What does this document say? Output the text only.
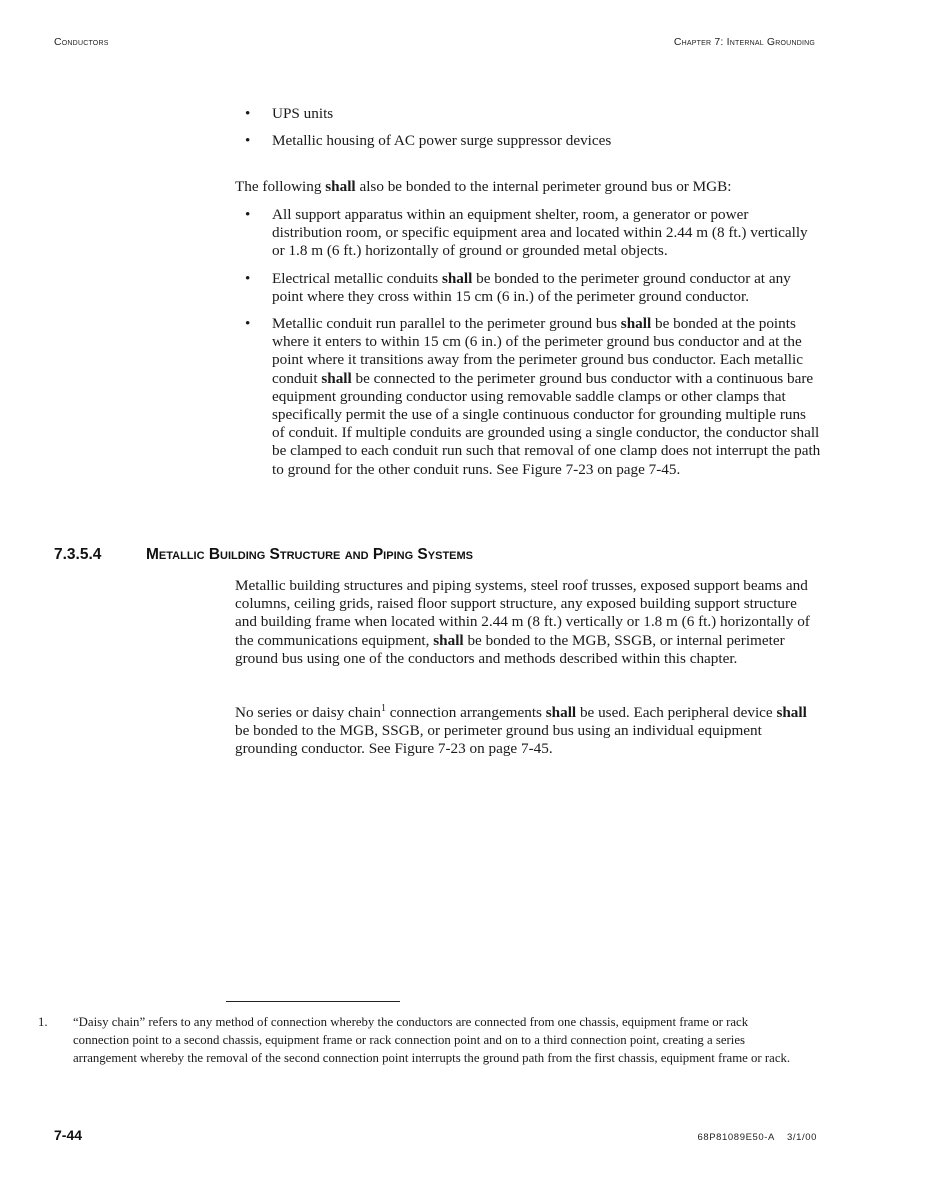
Conductors	Chapter 7: Internal Grounding
• UPS units
• Metallic housing of AC power surge suppressor devices

The following shall also be bonded to the internal perimeter ground bus or MGB:

• All support apparatus within an equipment shelter, room, a generator or power distribution room, or specific equipment area and located within 2.44 m (8 ft.) vertically or 1.8 m (6 ft.) horizontally of ground or grounded metal objects.
• Electrical metallic conduits shall be bonded to the perimeter ground conductor at any point where they cross within 15 cm (6 in.) of the perimeter ground conductor.
• Metallic conduit run parallel to the perimeter ground bus shall be bonded at the points where it enters to within 15 cm (6 in.) of the perimeter ground bus conductor and at the point where it transitions away from the perimeter ground bus conductor. Each metallic conduit shall be connected to the perimeter ground bus conductor with a continuous bare equipment grounding conductor using removable saddle clamps or other clamps that specifically permit the use of a single continuous conductor for grounding multiple runs of conduit. If multiple conduits are grounded using a single conductor, the conductor shall be clamped to each conduit run such that removal of one clamp does not interrupt the path to ground for the other conduit runs. See Figure 7-23 on page 7-45.
7.3.5.4	Metallic Building Structure and Piping Systems

Metallic building structures and piping systems, steel roof trusses, exposed support beams and columns, ceiling grids, raised floor support structure, any exposed building support structure and building frame when located within 2.44 m (8 ft.) vertically or 1.8 m (6 ft.) horizontally of the communications equipment, shall be bonded to the MGB, SSGB, or internal perimeter ground bus using one of the conductors and methods described within this chapter.

No series or daisy chain$^1$ connection arrangements shall be used. Each peripheral device shall be bonded to the MGB, SSGB, or perimeter ground bus using an individual equipment grounding conductor. See Figure 7-23 on page 7-45.

1. “Daisy chain” refers to any method of connection whereby the conductors are connected from one chassis, equipment frame or rack connection point to a second chassis, equipment frame or rack connection point and on to a third connection point, creating a series arrangement whereby the removal of the second connection point interrupts the ground path from the first chassis, equipment frame or rack.
7-44	68P81089E50-A 3/1/00
